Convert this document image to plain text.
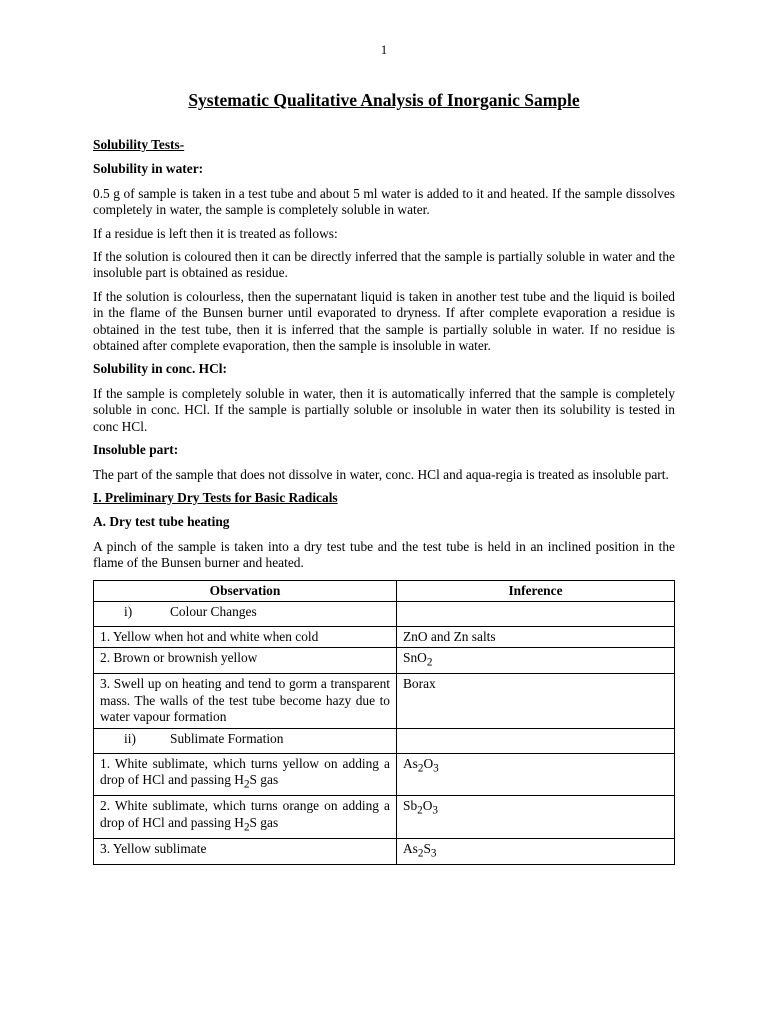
1
Systematic Qualitative Analysis of Inorganic Sample

Solubility Tests-

Solubility in water:

0.5 g of sample is taken in a test tube and about 5 ml water is added to it and heated. If the sample dissolves completely in water, the sample is completely soluble in water.

If a residue is left then it is treated as follows:

If the solution is coloured then it can be directly inferred that the sample is partially soluble in water and the insoluble part is obtained as residue.

If the solution is colourless, then the supernatant liquid is taken in another test tube and the liquid is boiled in the flame of the Bunsen burner until evaporated to dryness. If after complete evaporation a residue is obtained in the test tube, then it is inferred that the sample is partially soluble in water. If no residue is obtained after complete evaporation, then the sample is insoluble in water.

Solubility in conc. HCl:

If the sample is completely soluble in water, then it is automatically inferred that the sample is completely soluble in conc. HCl. If the sample is partially soluble or insoluble in water then its solubility is tested in conc HCl.

Insoluble part:

The part of the sample that does not dissolve in water, conc. HCl and aqua-regia is treated as insoluble part.

I. Preliminary Dry Tests for Basic Radicals

A. Dry test tube heating

A pinch of the sample is taken into a dry test tube and the test tube is held in an inclined position in the flame of the Bunsen burner and heated.

Observation	Inference
i) Colour Changes	
1. Yellow when hot and white when cold	ZnO and Zn salts
2. Brown or brownish yellow	SnO$_2$
3. Swell up on heating and tend to gorm a transparent mass. The walls of the test tube become hazy due to water vapour formation	Borax
ii) Sublimate Formation	
1. White sublimate, which turns yellow on adding a drop of HCl and passing $H_2S$ gas	$As_2O_3$
2. White sublimate, which turns orange on adding a drop of HCl and passing $H_2S$ gas	$Sb_2O_3$
3. Yellow sublimate	$As_2S_3$
